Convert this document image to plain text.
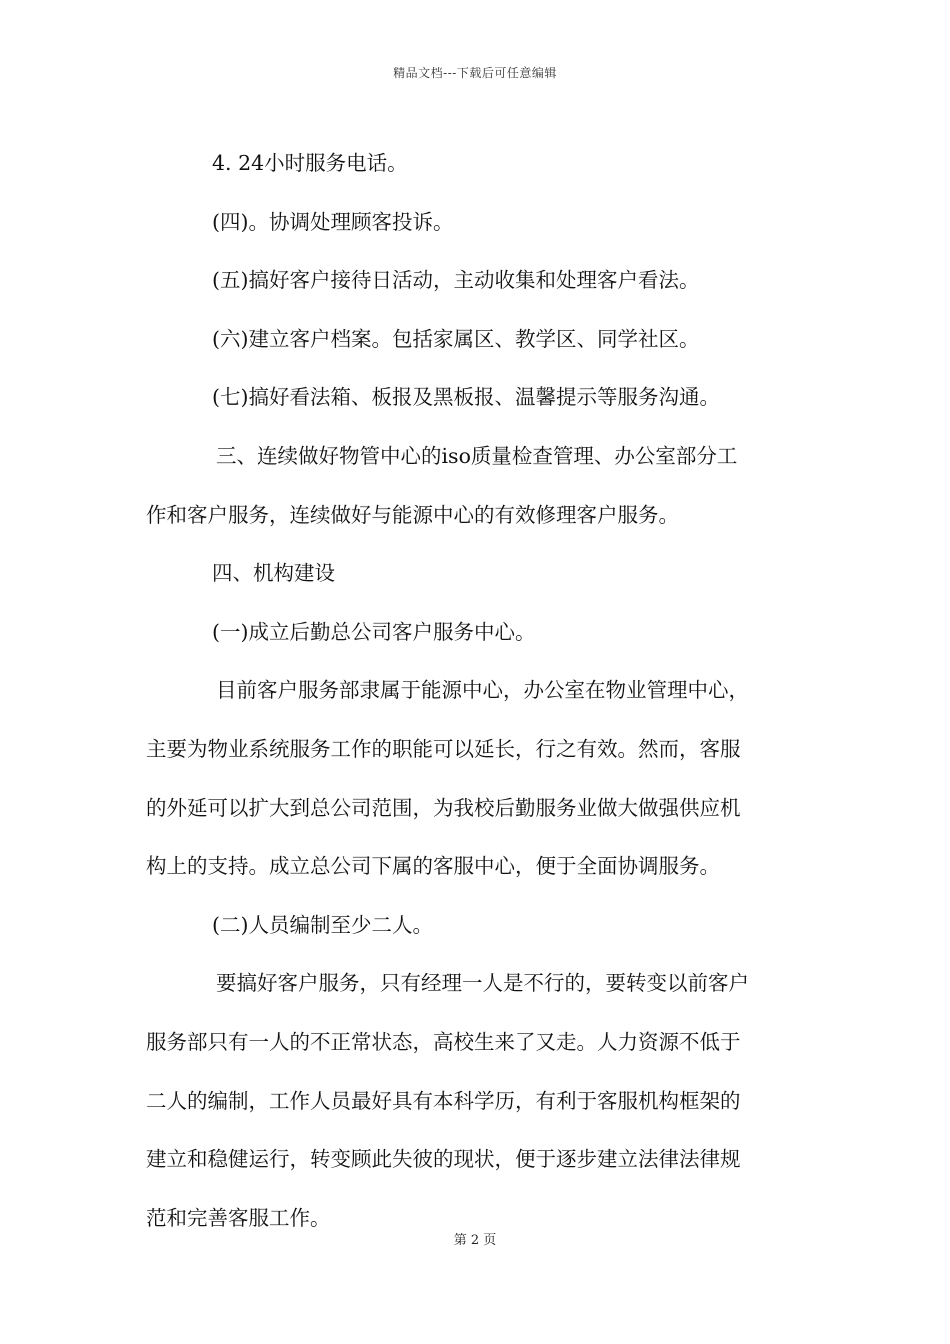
精品文档---下载后可任意编辑
4. 24小时服务电话。
(四)。协调处理顾客投诉。
(五)搞好客户接待日活动，主动收集和处理客户看法。
(六)建立客户档案。包括家属区、教学区、同学社区。
(七)搞好看法箱、板报及黑板报、温馨提示等服务沟通。
三、连续做好物管中心的iso质量检查管理、办公室部分工
作和客户服务，连续做好与能源中心的有效修理客户服务。
四、机构建设
(一)成立后勤总公司客户服务中心。
目前客户服务部隶属于能源中心，办公室在物业管理中心，
主要为物业系统服务工作的职能可以延长，行之有效。然而，客服
的外延可以扩大到总公司范围，为我校后勤服务业做大做强供应机
构上的支持。成立总公司下属的客服中心，便于全面协调服务。
(二)人员编制至少二人。
要搞好客户服务，只有经理一人是不行的，要转变以前客户
服务部只有一人的不正常状态，高校生来了又走。人力资源不低于
二人的编制，工作人员最好具有本科学历，有利于客服机构框架的
建立和稳健运行，转变顾此失彼的现状，便于逐步建立法律法律规
范和完善客服工作。
第 2 页
